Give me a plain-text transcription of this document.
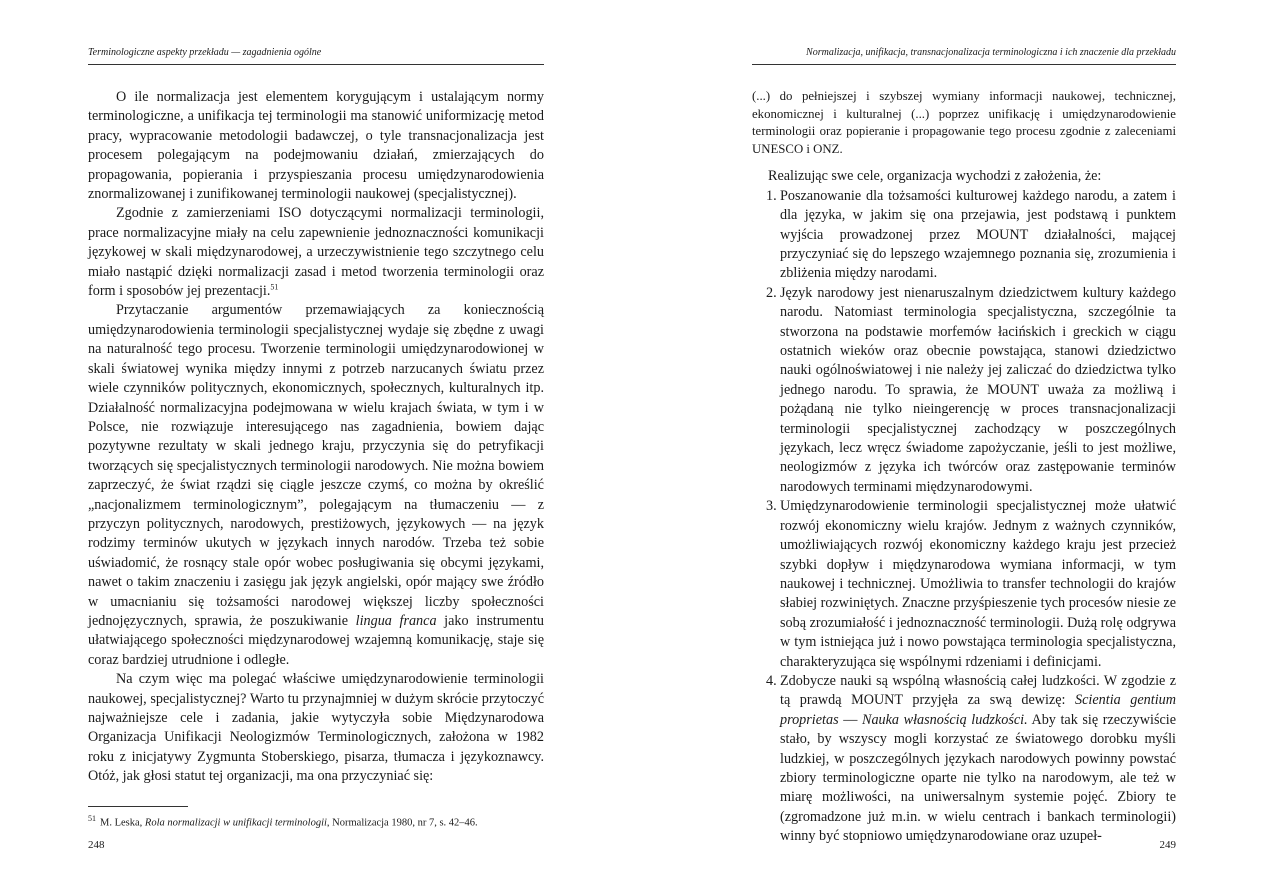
Terminologiczne aspekty przekładu — zagadnienia ogólne

O ile normalizacja jest elementem korygującym i ustalającym normy terminologiczne, a unifikacja tej terminologii ma stanowić uniformizację metod pracy, wypracowanie metodologii badawczej, o tyle transnacjonalizacja jest procesem polegającym na podejmowaniu działań, zmierzających do propagowania, popierania i przyspieszania procesu umiędzynarodowienia znormalizowanej i zunifikowanej terminologii naukowej (specjalistycznej).

Zgodnie z zamierzeniami ISO dotyczącymi normalizacji terminologii, prace normalizacyjne miały na celu zapewnienie jednoznaczności komunikacji językowej w skali międzynarodowej, a urzeczywistnienie tego szczytnego celu miało nastąpić dzięki normalizacji zasad i metod tworzenia terminologii oraz form i sposobów jej prezentacji.$^{51}$

Przytaczanie argumentów przemawiających za koniecznością umiędzynarodowienia terminologii specjalistycznej wydaje się zbędne z uwagi na naturalność tego procesu. Tworzenie terminologii umiędzynarodowionej w skali światowej wynika między innymi z potrzeb narzucanych światu przez wiele czynników politycznych, ekonomicznych, społecznych, kulturalnych itp. Działalność normalizacyjna podejmowana w wielu krajach świata, w tym i w Polsce, nie rozwiązuje interesującego nas zagadnienia, bowiem dając pozytywne rezultaty w skali jednego kraju, przyczynia się do petryfikacji tworzących się specjalistycznych terminologii narodowych. Nie można bowiem zaprzeczyć, że świat rządzi się ciągle jeszcze czymś, co można by określić „nacjonalizmem terminologicznym”, polegającym na tłumaczeniu — z przyczyn politycznych, narodowych, prestiżowych, językowych — na język rodzimy terminów ukutych w językach innych narodów. Trzeba też sobie uświadomić, że rosnący stale opór wobec posługiwania się obcymi językami, nawet o takim znaczeniu i zasięgu jak język angielski, opór mający swe źródło w umacnianiu się tożsamości narodowej większej liczby społeczności jednojęzycznych, sprawia, że poszukiwanie lingua franca jako instrumentu ułatwiającego społeczności międzynarodowej wzajemną komunikację, staje się coraz bardziej utrudnione i odległe.

Na czym więc ma polegać właściwe umiędzynarodowienie terminologii naukowej, specjalistycznej? Warto tu przynajmniej w dużym skrócie przytoczyć najważniejsze cele i zadania, jakie wytyczyła sobie Międzynarodowa Organizacja Unifikacji Neologizmów Terminologicznych, założona w 1982 roku z inicjatywy Zygmunta Stoberskiego, pisarza, tłumacza i językoznawcy. Otóż, jak głosi statut tej organizacji, ma ona przyczyniać się:

$^{51}$ M. Leska, Rola normalizacji w unifikacji terminologii, Normalizacja 1980, nr 7, s. 42–46.
248
Normalizacja, unifikacja, transnacjonalizacja terminologiczna i ich znaczenie dla przekładu
(...) do pełniejszej i szybszej wymiany informacji naukowej, technicznej, ekonomicznej i kulturalnej (...) poprzez unifikację i umiędzynarodowienie terminologii oraz popieranie i propagowanie tego procesu zgodnie z zaleceniami UNESCO i ONZ.

Realizując swe cele, organizacja wychodzi z założenia, że:

1. Poszanowanie dla tożsamości kulturowej każdego narodu, a zatem i dla języka, w jakim się ona przejawia, jest podstawą i punktem wyjścia prowadzonej przez MOUNT działalności, mającej przyczyniać się do lepszego wzajemnego poznania się, zrozumienia i zbliżenia między narodami.
2. Język narodowy jest nienaruszalnym dziedzictwem kultury każdego narodu. Natomiast terminologia specjalistyczna, szczególnie ta stworzona na podstawie morfemów łacińskich i greckich w ciągu ostatnich wieków oraz obecnie powstająca, stanowi dziedzictwo nauki ogólnoświatowej i nie należy jej zaliczać do dziedzictwa tylko jednego narodu. To sprawia, że MOUNT uważa za możliwą i pożądaną nie tylko nieingerencję w proces transnacjonalizacji terminologii specjalistycznej zachodzący w poszczególnych językach, lecz wręcz świadome zapożyczanie, jeśli to jest możliwe, neologizmów z języka ich twórców oraz zastępowanie terminów narodowych terminami międzynarodowymi.
3. Umiędzynarodowienie terminologii specjalistycznej może ułatwić rozwój ekonomiczny wielu krajów. Jednym z ważnych czynników, umożliwiających rozwój ekonomiczny każdego kraju jest przecież szybki dopływ i międzynarodowa wymiana informacji, w tym naukowej i technicznej. Umożliwia to transfer technologii do krajów słabiej rozwiniętych. Znaczne przyśpieszenie tych procesów niesie ze sobą zrozumiałość i jednoznaczność terminologii. Dużą rolę odgrywa w tym istniejąca już i nowo powstająca terminologia specjalistyczna, charakteryzująca się wspólnymi rdzeniami i definicjami.
4. Zdobycze nauki są wspólną własnością całej ludzkości. W zgodzie z tą prawdą MOUNT przyjęła za swą dewizę: Scientia gentium proprietas — Nauka własnością ludzkości. Aby tak się rzeczywiście stało, by wszyscy mogli korzystać ze światowego dorobku myśli ludzkiej, w poszczególnych językach narodowych powinny powstać zbiory terminologiczne oparte nie tylko na narodowym, ale też w miarę możliwości, na uniwersalnym systemie pojęć. Zbiory te (zgromadzone już m.in. w wielu centrach i bankach terminologii) winny być stopniowo umiędzynarodowiane oraz uzupeł-
249
